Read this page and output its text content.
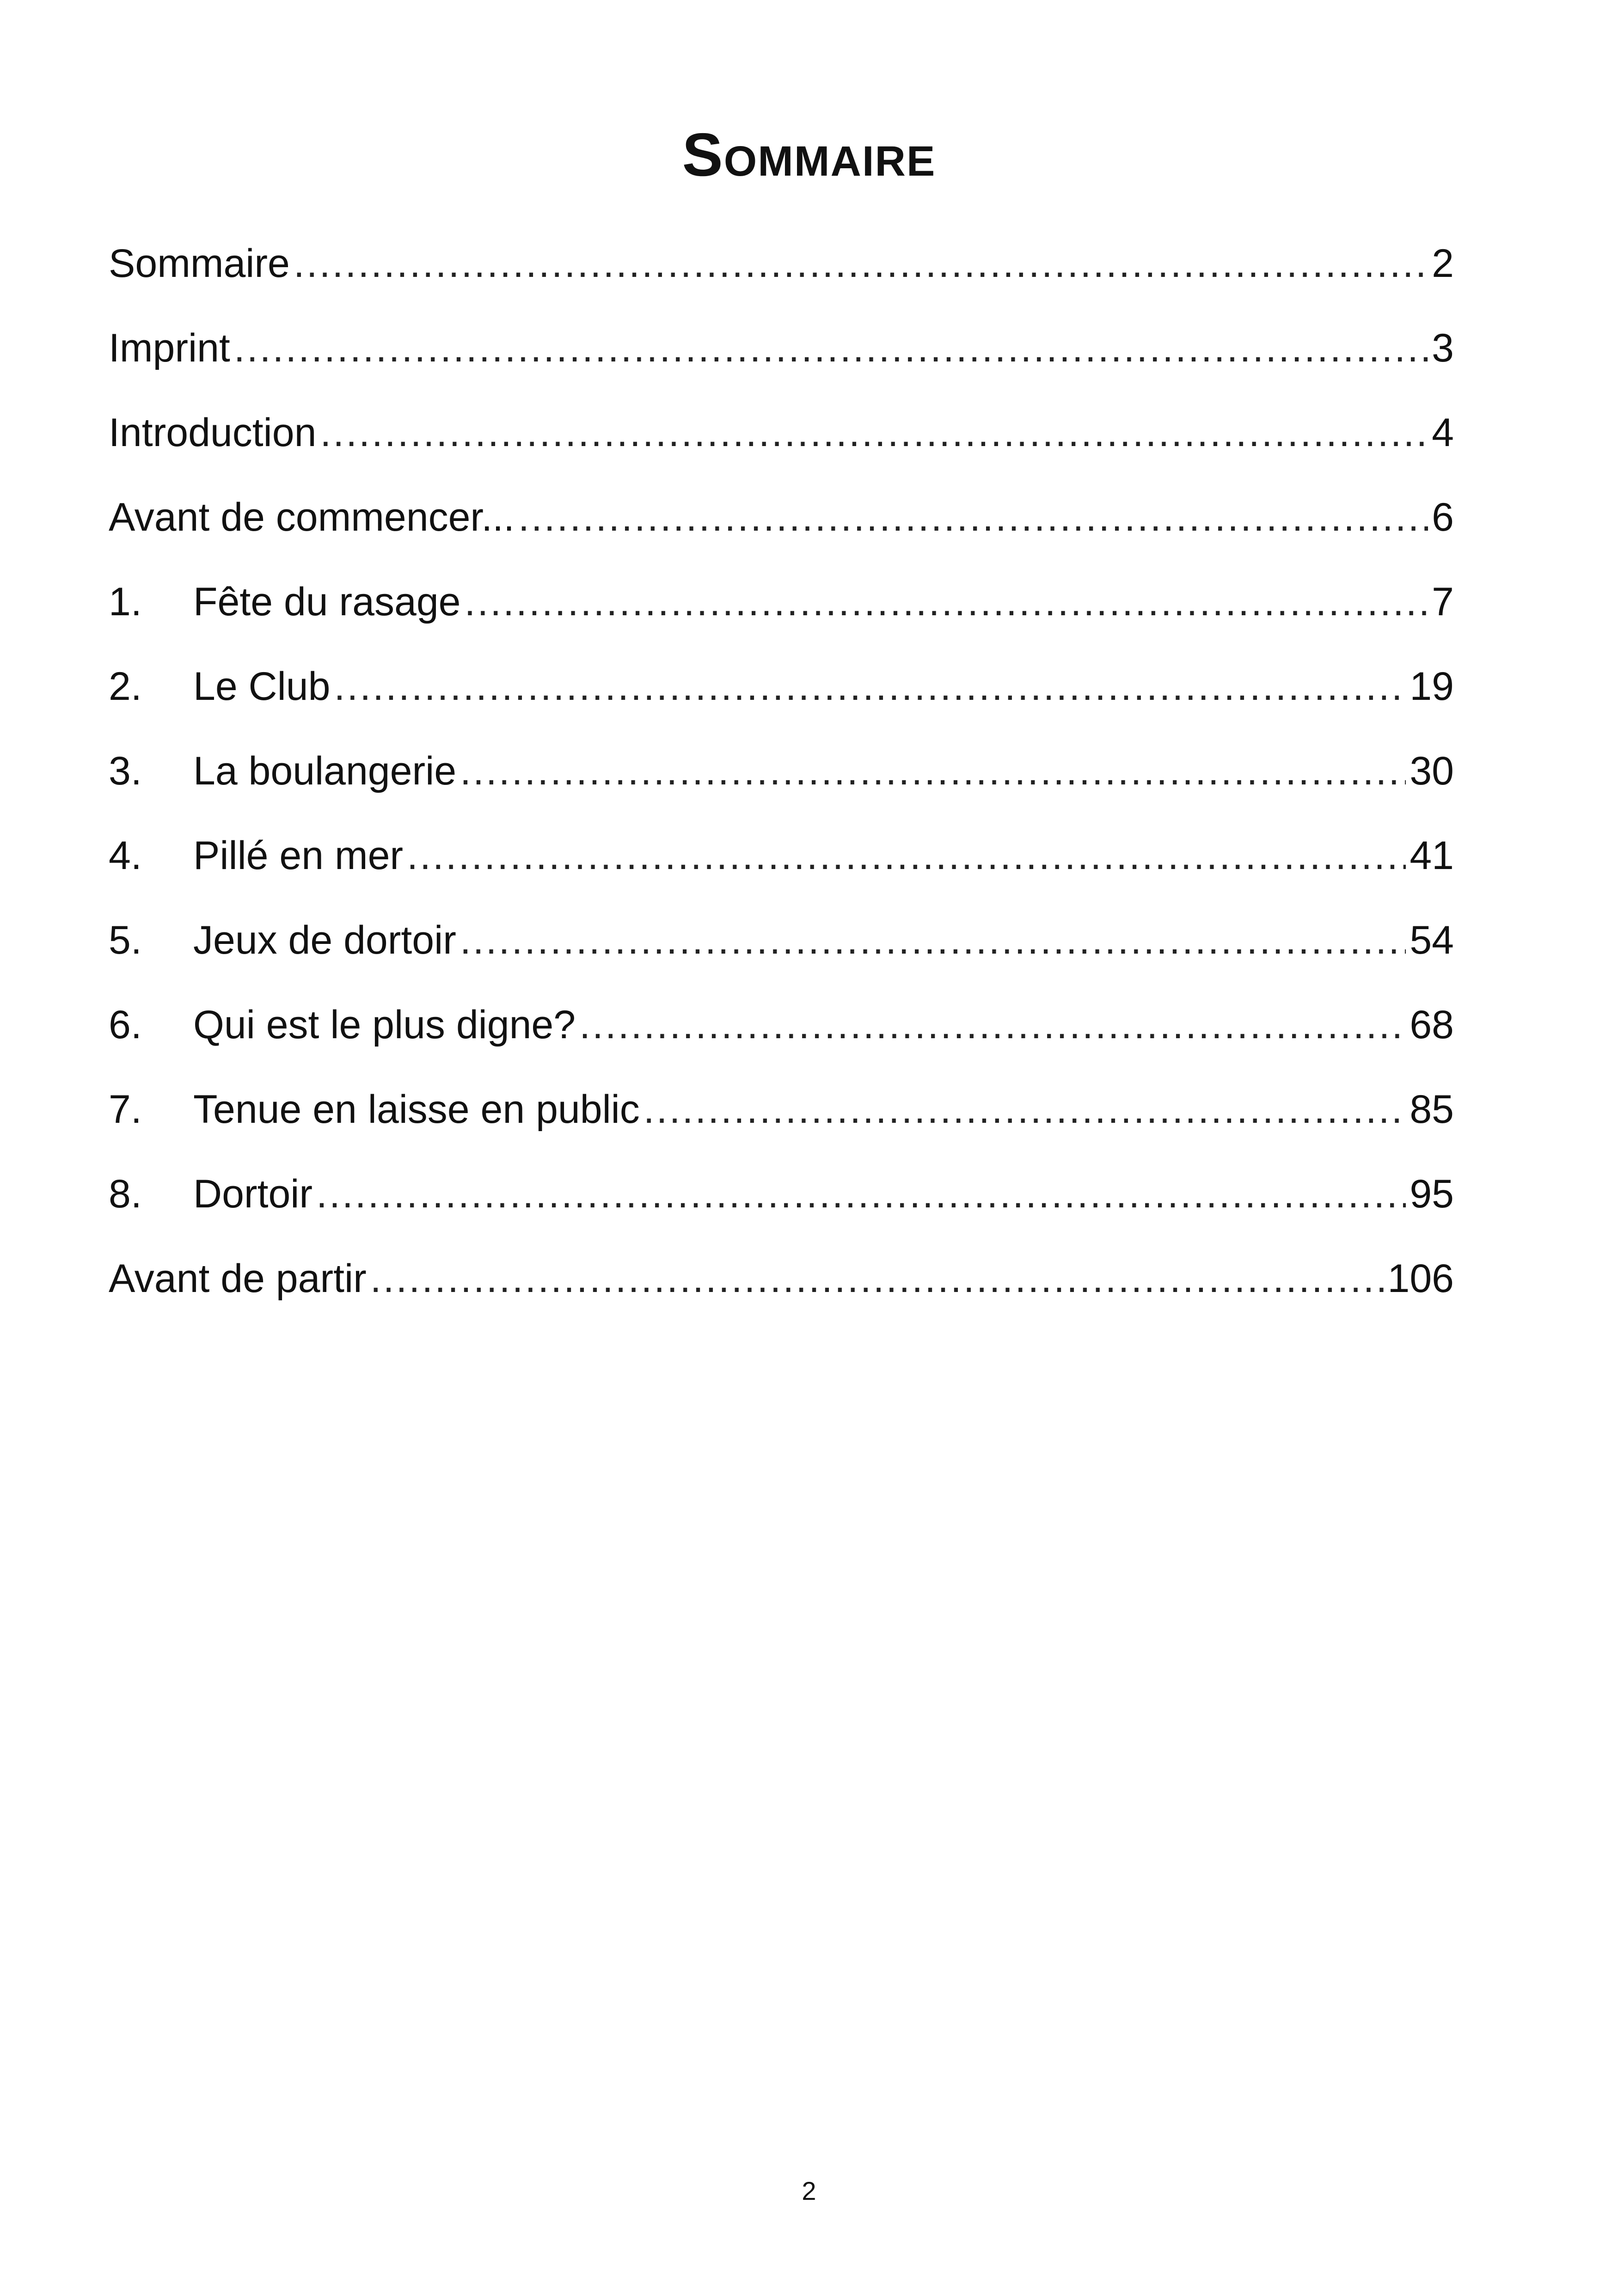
Sommaire
Sommaire .....	2
Imprint .....	3
Introduction .....	4
Avant de commencer... .....	6
1.	Fête du rasage .....	7
2.	Le Club .....	19
3.	La boulangerie .....	30
4.	Pillé en mer .....	41
5.	Jeux de dortoir .....	54
6.	Qui est le plus digne? .....	68
7.	Tenue en laisse en public .....	85
8.	Dortoir .....	95
Avant de partir .....	106
2
